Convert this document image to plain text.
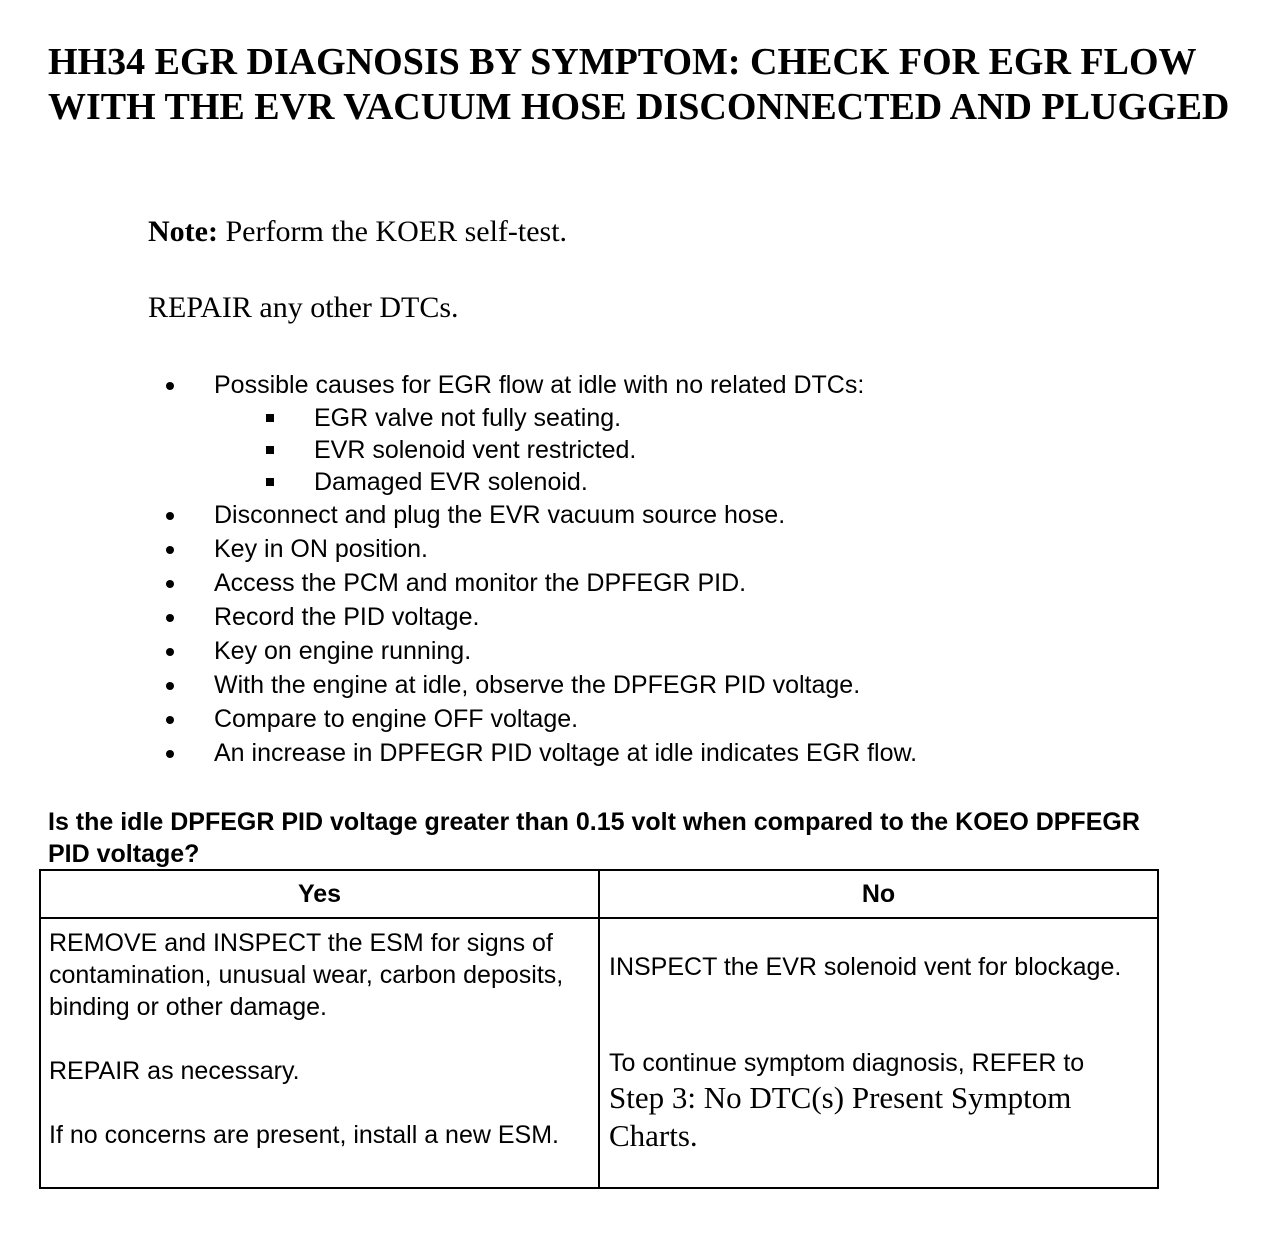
HH34 EGR DIAGNOSIS BY SYMPTOM: CHECK FOR EGR FLOW WITH THE EVR VACUUM HOSE DISCONNECTED AND PLUGGED

Note: Perform the KOER self-test.

REPAIR any other DTCs.

Possible causes for EGR flow at idle with no related DTCs:
EGR valve not fully seating.
EVR solenoid vent restricted.
Damaged EVR solenoid.
Disconnect and plug the EVR vacuum source hose.
Key in ON position.
Access the PCM and monitor the DPFEGR PID.
Record the PID voltage.
Key on engine running.
With the engine at idle, observe the DPFEGR PID voltage.
Compare to engine OFF voltage.
An increase in DPFEGR PID voltage at idle indicates EGR flow.

Is the idle DPFEGR PID voltage greater than 0.15 volt when compared to the KOEO DPFEGR PID voltage?

Yes	No

REMOVE and INSPECT the ESM for signs of contamination, unusual wear, carbon deposits, binding or other damage.

REPAIR as necessary.

If no concerns are present, install a new ESM.

INSPECT the EVR solenoid vent for blockage.

To continue symptom diagnosis, REFER to
Step 3: No DTC(s) Present Symptom Charts.
